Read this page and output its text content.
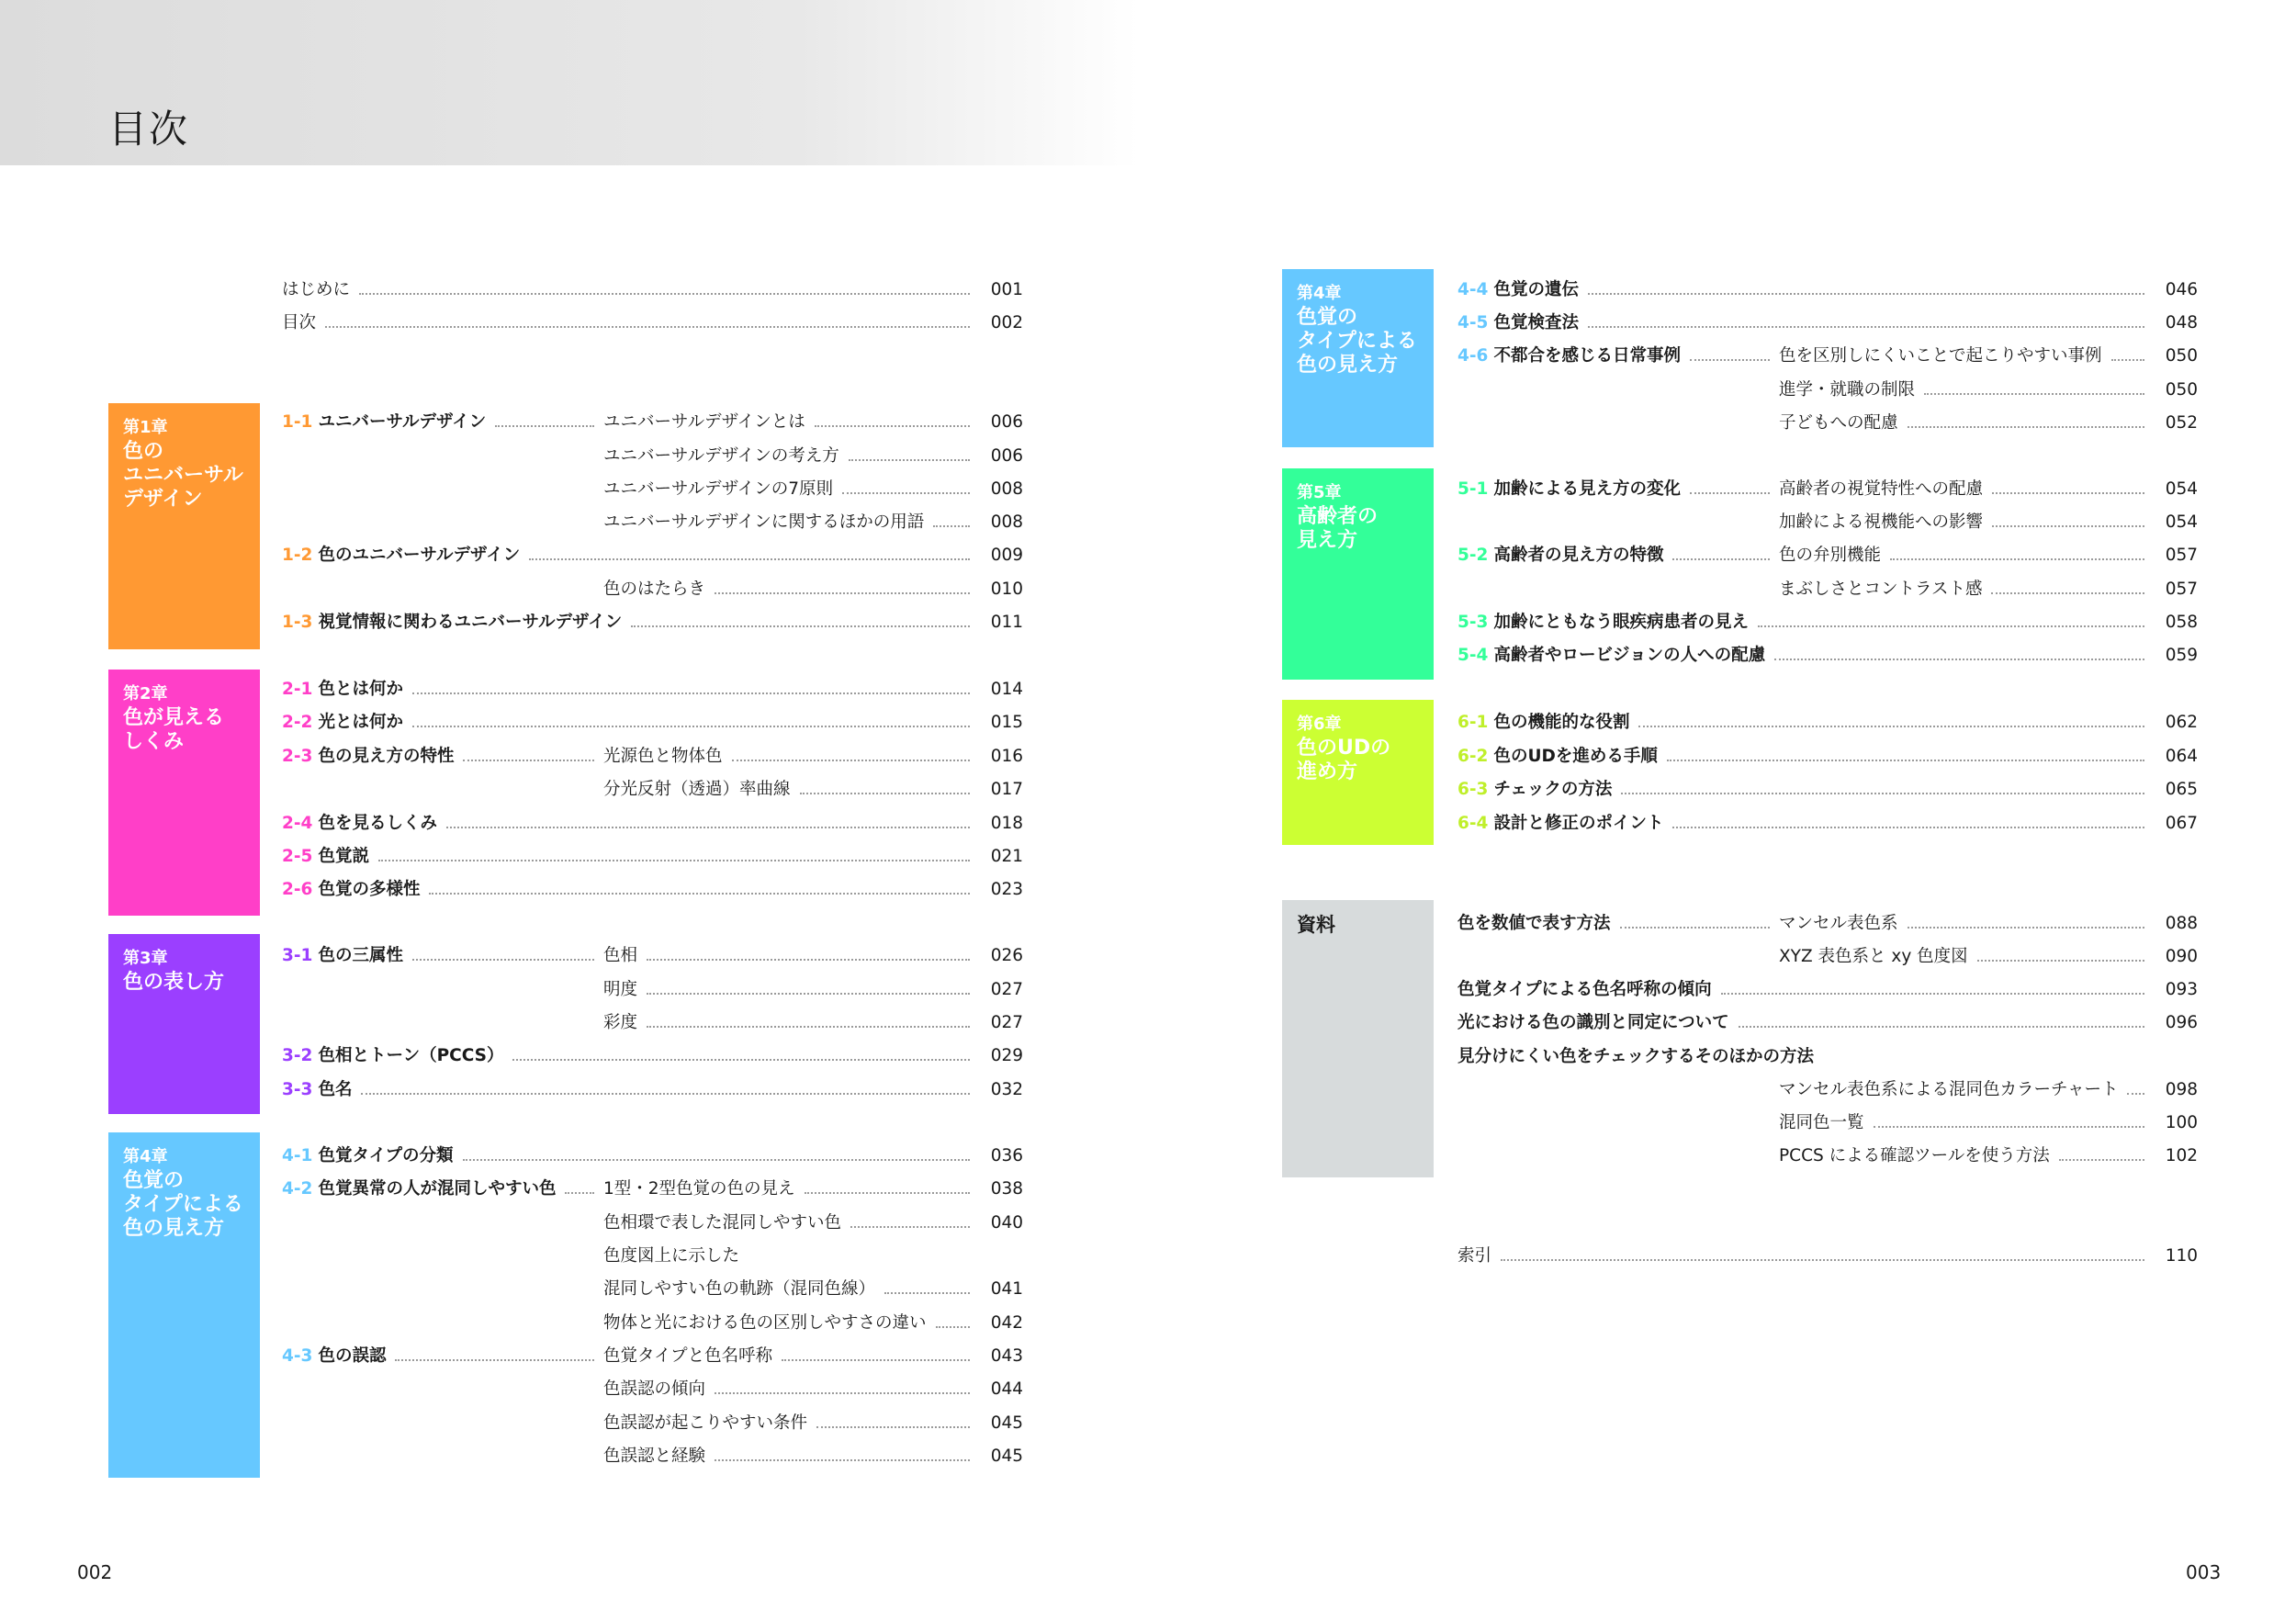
目次
第1章
色の
ユニバーサル
デザイン
第2章
色が見える
しくみ
第3章
色の表し方
第4章
色覚の
タイプによる
色の見え方
第4章
色覚の
タイプによる
色の見え方
第5章
高齢者の
見え方
第6章
色のUDの
進め方
資料
はじめに	001
目次	002
1-1 ユニバーサルデザイン	ユニバーサルデザインとは	006
ユニバーサルデザインの考え方	006
ユニバーサルデザインの7原則	008
ユニバーサルデザインに関するほかの用語	008
1-2 色のユニバーサルデザイン	009
色のはたらき	010
1-3 視覚情報に関わるユニバーサルデザイン	011
2-1 色とは何か	014
2-2 光とは何か	015
2-3 色の見え方の特性	光源色と物体色	016
分光反射（透過）率曲線	017
2-4 色を見るしくみ	018
2-5 色覚説	021
2-6 色覚の多様性	023
3-1 色の三属性	色相	026
明度	027
彩度	027
3-2 色相とトーン（PCCS）	029
3-3 色名	032
4-1 色覚タイプの分類	036
4-2 色覚異常の人が混同しやすい色	1型・2型色覚の色の見え	038
色相環で表した混同しやすい色	040
色度図上に示した
混同しやすい色の軌跡（混同色線）	041
物体と光における色の区別しやすさの違い	042
4-3 色の誤認	色覚タイプと色名呼称	043
色誤認の傾向	044
色誤認が起こりやすい条件	045
色誤認と経験	045
4-4 色覚の遺伝	046
4-5 色覚検査法	048
4-6 不都合を感じる日常事例	色を区別しにくいことで起こりやすい事例	050
進学・就職の制限	050
子どもへの配慮	052
5-1 加齢による見え方の変化	高齢者の視覚特性への配慮	054
加齢による視機能への影響	054
5-2 高齢者の見え方の特徴	色の弁別機能	057
まぶしさとコントラスト感	057
5-3 加齢にともなう眼疾病患者の見え	058
5-4 高齢者やロービジョンの人への配慮	059
6-1 色の機能的な役割	062
6-2 色のUDを進める手順	064
6-3 チェックの方法	065
6-4 設計と修正のポイント	067
色を数値で表す方法	マンセル表色系	088
XYZ 表色系と xy 色度図	090
色覚タイプによる色名呼称の傾向	093
光における色の識別と同定について	096
見分けにくい色をチェックするそのほかの方法
マンセル表色系による混同色カラーチャート	098
混同色一覧	100
PCCS による確認ツールを使う方法	102
索引	110
002	003
